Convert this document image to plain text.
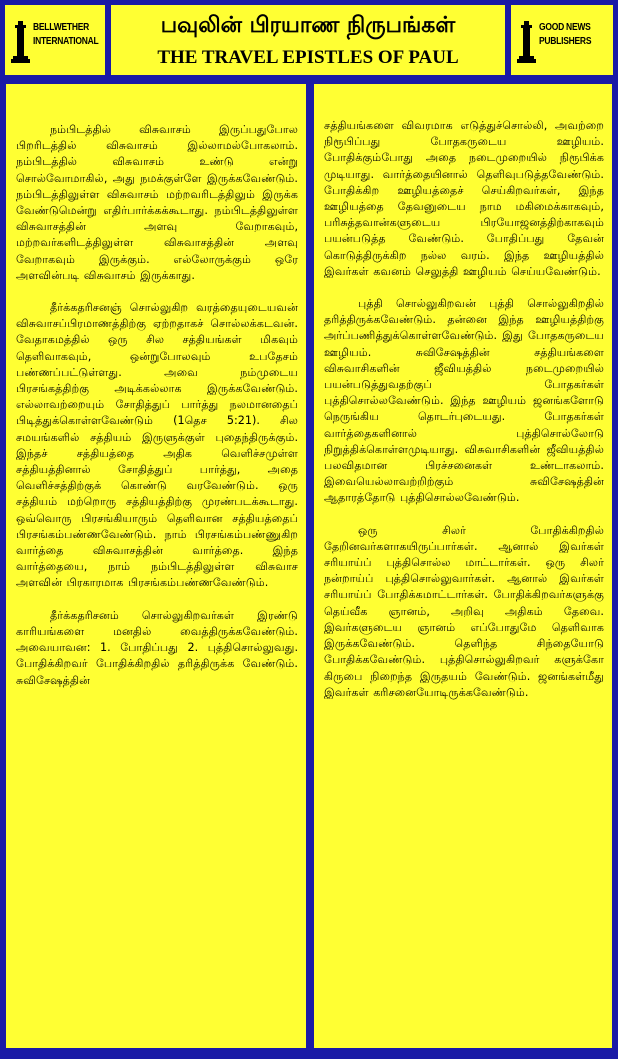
BELLWETHER
INTERNATIONAL
பவுலின் பிரயாண நிருபங்கள்
THE TRAVEL EPISTLES OF PAUL
GOOD NEWS
PUBLISHERS

நம்பிடத்தில் விசுவாசம் இருப்பதுபோல பிறரிடத்தில் விசுவாசம் இல்லாமல்போகலாம். நம்பிடத்தில் விசுவாசம் உண்டு என்று சொல்வோமாகில், அது நமக்குள்ளே இருக்கவேண்டும். நம்பிடத்திலுள்ள விசுவாசம் மற்றவரிடத்திலும் இருக்க வேண்டுமென்று எதிர்பார்க்கக்கூடாது. நம்பிடத்திலுள்ள விசுவாசத்தின் அளவு வேறாகவும், மற்றவர்களிடத்திலுள்ள விசுவாசத்தின் அளவு வேறாகவும் இருக்கும். எல்லோருக்கும் ஒரே அளவின்படி விசுவாசம் இருக்காது.

தீர்க்கதரிசனஞ் சொல்லுகிற வரத்தையுடையவன் விசுவாசப்பிரமாணத்திற்கு ஏற்றதாகச் சொல்லக்கடவன். வேதாகமத்தில் ஒரு சில சத்தியங்கள் மிகவும் தெளிவாகவும், ஒன்றுபோலவும் உபதேசம் பண்ணப்பட்டுள்ளது. அவை நம்முடைய பிரசங்கத்திற்கு அடிக்கல்லாக இருக்கவேண்டும். எல்லாவற்றையும் சோதித்துப் பார்த்து நலமானதைப் பிடித்துக்கொள்ளவேண்டும் (1தெச 5:21). சில சமயங்களில் சத்தியம் இருளுக்குள் புதைந்திருக்கும். இந்தச் சத்தியத்தை அதிக வெளிச்சமுள்ள சத்தியத்தினால் சோதித்துப் பார்த்து, அதை வெளிச்சத்திற்குக் கொண்டு வரவேண்டும். ஒரு சத்தியம் மற்றொரு சத்தியத்திற்கு முரண்படக்கூடாது. ஒவ்வொரு பிரசங்கியாரும் தெளிவான சத்தியத்தைப் பிரசங்கம்பண்ணவேண்டும். நாம் பிரசங்கம்பண்ணுகிற வார்த்தை விசுவாசத்தின் வார்த்தை. இந்த வார்த்தையை, நாம் நம்பிடத்திலுள்ள விசுவாச அளவின் பிரகாரமாக பிரசங்கம்பண்ணவேண்டும்.

தீர்க்கதரிசனம் சொல்லுகிறவர்கள் இரண்டு காரியங்களை மனதில் வைத்திருக்கவேண்டும். அவையாவன: 1. போதிப்பது 2. புத்திசொல்லுவது. போதிக்கிறவர் போதிக்கிறதில் தரித்திருக்க வேண்டும். சுவிசேஷத்தின்

சத்தியங்களை விவரமாக எடுத்துச்சொல்லி, அவற்றை நிரூபிப்பது போதகருடைய ஊழியம். போதிக்கும்போது அதை நடைமுறையில் நிரூபிக்க முடியாது. வார்த்தையினால் தெளிவுபடுத்தவேண்டும். போதிக்கிற ஊழியத்தைச் செய்கிறவர்கள், இந்த ஊழியத்தை தேவனுடைய நாம மகிமைக்காகவும், பரிசுத்தவான்களுடைய பிரயோஜனத்திற்காகவும் பயன்படுத்த வேண்டும். போதிப்பது தேவன் கொடுத்திருக்கிற நல்ல வரம். இந்த ஊழியத்தில் இவர்கள் கவனம் செலுத்தி ஊழியம் செய்யவேண்டும்.

புத்தி சொல்லுகிறவன் புத்தி சொல்லுகிறதில் தரித்திருக்கவேண்டும். தன்னை இந்த ஊழியத்திற்கு அர்ப்பணித்துக்கொள்ளவேண்டும். இது போதகருடைய ஊழியம். சுவிசேஷத்தின் சத்தியங்களை விசுவாசிகளின் ஜீவியத்தில் நடைமுறையில் பயன்படுத்துவதற்குப் போதகர்கள் புத்திசொல்லவேண்டும். இந்த ஊழியம் ஜனங்களோடு நெருங்கிய தொடர்புடையது. போதகர்கள் வார்த்தைகளினால் புத்திசொல்லோடு நிறுத்திக்கொள்ளமுடியாது. விசுவாசிகளின் ஜீவியத்தில் பலவிதமான பிரச்சனைகள் உண்டாகலாம். இவையெல்லாவற்றிற்கும் சுவிசேஷத்தின் ஆதாரத்தோடு புத்திசொல்லவேண்டும்.

ஒரு சிலர் போதிக்கிறதில் தேறினவர்களாகயிருப்பார்கள். ஆனால் இவர்கள் சரியாய்ப் புத்திசொல்ல மாட்டார்கள். ஒரு சிலர் நன்றாய்ப் புத்திசொல்லுவார்கள். ஆனால் இவர்கள் சரியாய்ப் போதிக்கமாட்டார்கள். போதிக்கிறவர்களுக்கு தெய்வீக ஞானம், அறிவு அதிகம் தேவை. இவர்களுடைய ஞானம் எப்போதுமே தெளிவாக இருக்கவேண்டும். தெளிந்த சிந்தையோடு போதிக்கவேண்டும். புத்திசொல்லுகிறவர் களுக்கோ கிருபை நிறைந்த இருதயம் வேண்டும். ஜனங்கள்மீது இவர்கள் கரிசனையோடிருக்கவேண்டும்.
